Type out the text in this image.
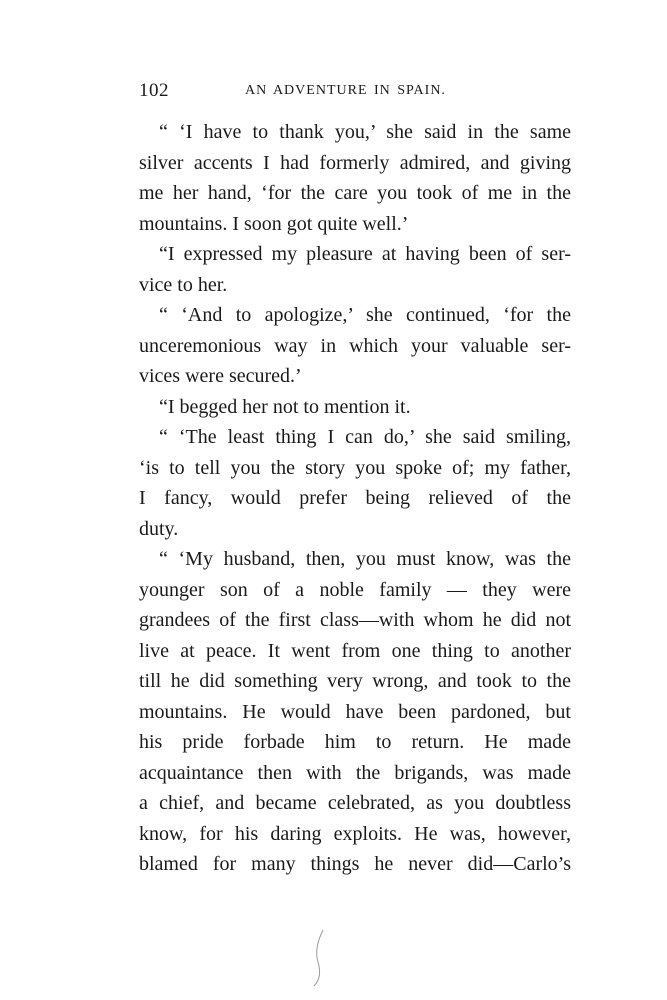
102	AN ADVENTURE IN SPAIN.
“ ‘I have to thank you,’ she said in the same
silver accents I had formerly admired, and giving
me her hand, ‘for the care you took of me in the
mountains. I soon got quite well.’
“I expressed my pleasure at having been of ser-
vice to her.
“ ‘And to apologize,’ she continued, ‘for the
unceremonious way in which your valuable ser-
vices were secured.’
“I begged her not to mention it.
“ ‘The least thing I can do,’ she said smiling,
‘is to tell you the story you spoke of; my father,
I fancy, would prefer being relieved of the
duty.
“ ‘My husband, then, you must know, was the
younger son of a noble family — they were
grandees of the first class—with whom he did not
live at peace. It went from one thing to another
till he did something very wrong, and took to the
mountains. He would have been pardoned, but
his pride forbade him to return. He made
acquaintance then with the brigands, was made
a chief, and became celebrated, as you doubtless
know, for his daring exploits. He was, however,
blamed for many things he never did—Carlo’s
